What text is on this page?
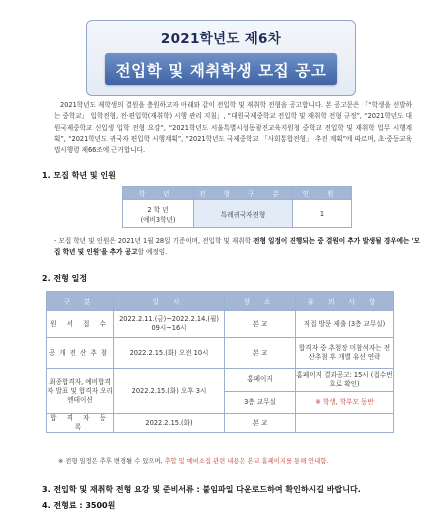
2021학년도 제6차
전입학 및 재취학생 모집 공고

2021학년도 재학생의 결원을 충원하고자 아래와 같이 전입학 및 재취학 전형을 공고합니다. 본 공고문은 「“학생을 선발하는 중학교」 입학전형, 전·편입학(재취학) 시행 관리 지침」, “대원국제중학교 전입학 및 재취학 전형 규정”, “2021학년도 대원국제중학교 신입생 입학 전형 요강”, “2021학년도 서울특별시성동광진교육지원청 중학교 전입학 및 재취학 업무 시행계획”, “2021학년도 귀국자 편입학 시행계획”, “2021학년도 국제중학교 「사회통합전형」 추진 계획”에 따르며, 초·중등교육법시행령 제66조에 근거합니다.

1. 모집 학년 및 인원
학 년	전 형 구 분	인 원

2 학 년
(예비3학년)	특례귀국자전형	1
- 모집 학년 및 인원은 2021년 1월 28일 기준이며, 전입학 및 재취학 전형 일정이 진행되는 중 결원이 추가 발생될 경우에는 '모집 학년 및 인원'을 추가 공고할 예정임.
2. 전형 일정
구 분	일 시	장 소	유 의 사 항
원 서 접 수	2022.2.11.(금)~2022.2.14.(월) 09시~16시	본 교	직접 방문 제출 (3층 교무실)
공개전산추첨	2022.2.15.(화) 오전 10시	본 교	합격자 중 추첨장 미참석자는 전산추첨 후 개별 유선 연락
최종합격자, 예비합격자 발표 및 합격자 오리엔테이션	2022.2.15.(화) 오후 3시	홈페이지	홈페이지 결과공고: 15시 (접수번호로 확인)
		3층 교무실	※ 학생, 학부모 동반
합 격 자 등 록	2022.2.15.(화)	본 교	
※ 전형 일정은 추후 변경될 수 있으며, 추합 및 예비소집 관련 내용은 본교 홈페이지를 통해 안내함.
3. 전입학 및 재취학 전형 요강 및 준비서류 : 붙임파일 다운로드하여 확인하시길 바랍니다.
4. 전형료 : 3500원
